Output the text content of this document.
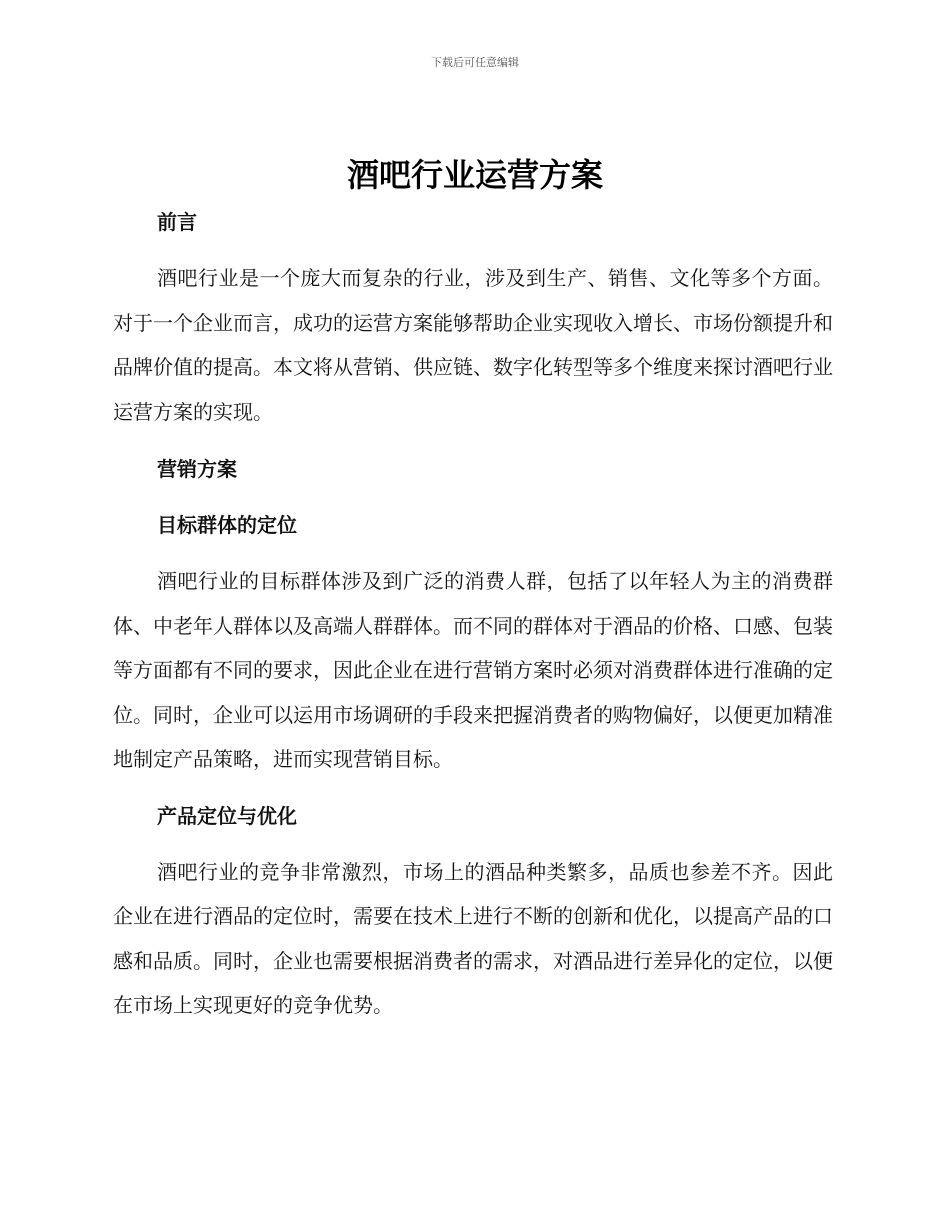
下载后可任意编辑
酒吧行业运营方案

前言

酒吧行业是一个庞大而复杂的行业，涉及到生产、销售、文化等多个方面。对于一个企业而言，成功的运营方案能够帮助企业实现收入增长、市场份额提升和品牌价值的提高。本文将从营销、供应链、数字化转型等多个维度来探讨酒吧行业运营方案的实现。

营销方案

目标群体的定位

酒吧行业的目标群体涉及到广泛的消费人群，包括了以年轻人为主的消费群体、中老年人群体以及高端人群群体。而不同的群体对于酒品的价格、口感、包装等方面都有不同的要求，因此企业在进行营销方案时必须对消费群体进行准确的定位。同时，企业可以运用市场调研的手段来把握消费者的购物偏好，以便更加精准地制定产品策略，进而实现营销目标。

产品定位与优化

酒吧行业的竞争非常激烈，市场上的酒品种类繁多，品质也参差不齐。因此企业在进行酒品的定位时，需要在技术上进行不断的创新和优化，以提高产品的口感和品质。同时，企业也需要根据消费者的需求，对酒品进行差异化的定位，以便在市场上实现更好的竞争优势。
